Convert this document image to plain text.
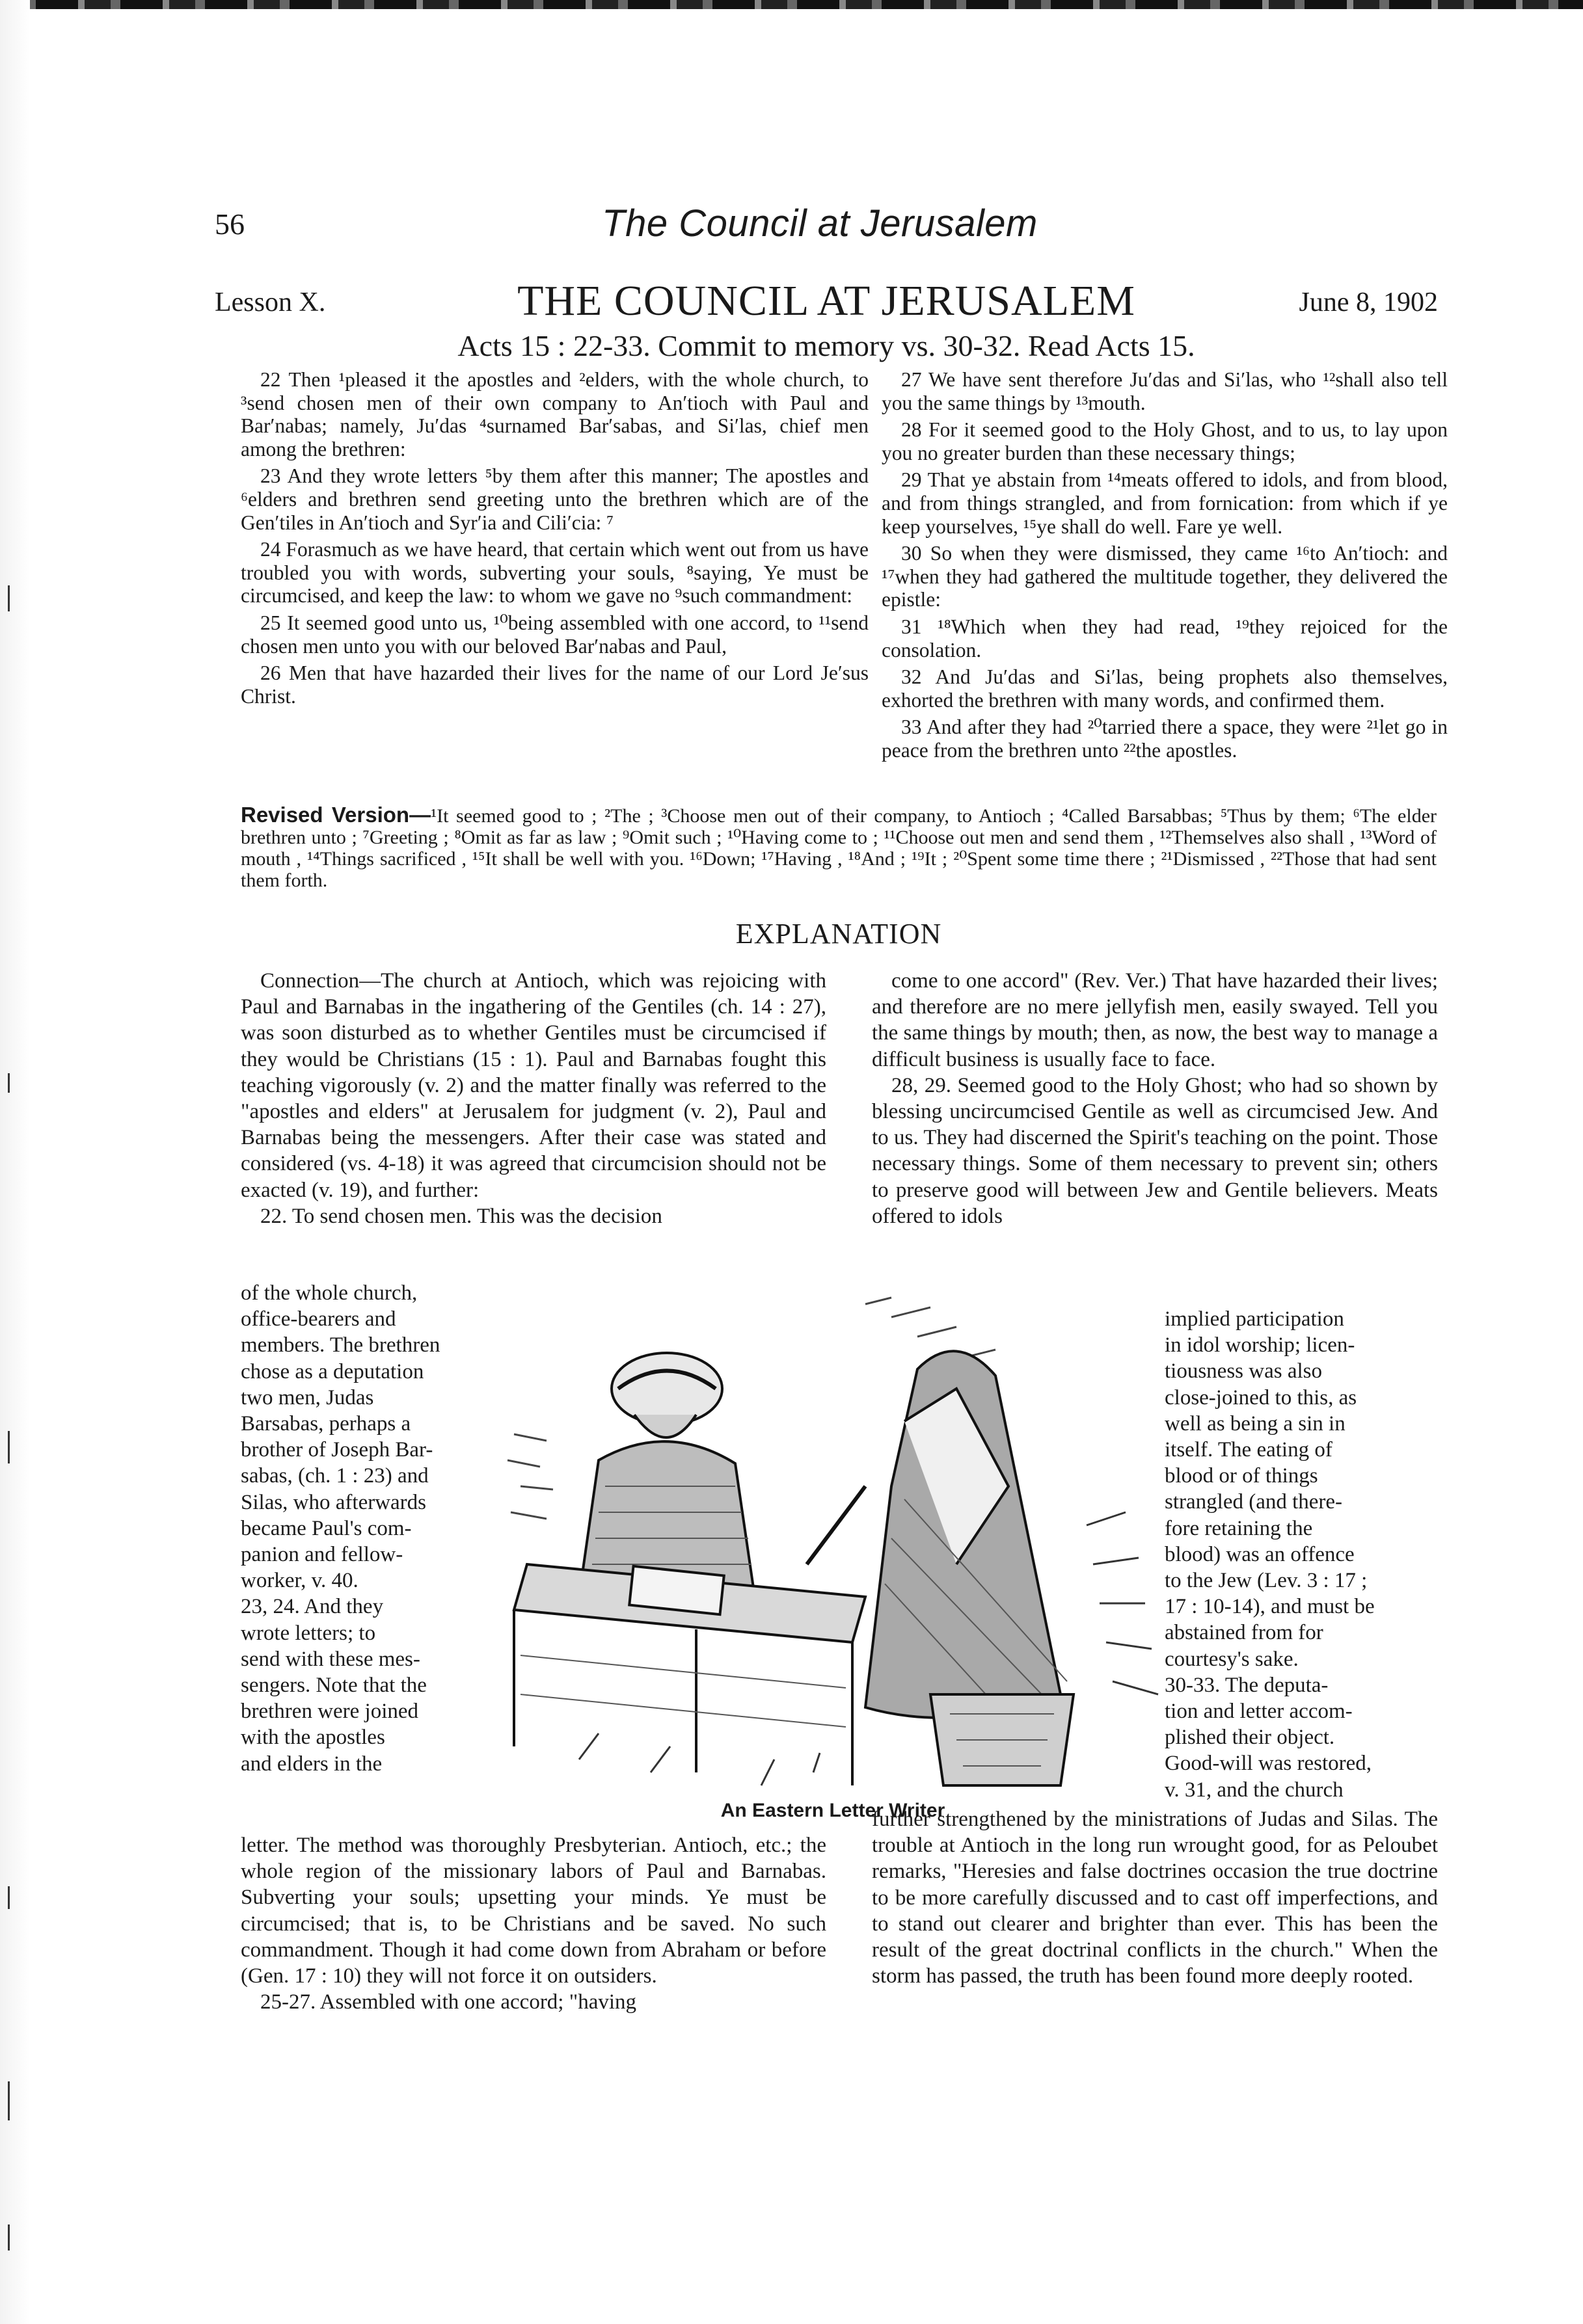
56	The Council at Jerusalem
Lesson X.	THE COUNCIL AT JERUSALEM	June 8, 1902
Acts 15 : 22-33. Commit to memory vs. 30-32. Read Acts 15.

22 Then ¹pleased it the apostles and ²elders, with the whole church, to ³send chosen men of their own company to An′tioch with Paul and Bar′nabas; namely, Ju′das ⁴surnamed Bar′sabas, and Si′las, chief men among the brethren:

23 And they wrote letters ⁵by them after this manner; The apostles and ⁶elders and brethren send greeting unto the brethren which are of the Gen′tiles in An′tioch and Syr′ia and Cili′cia: ⁷

24 Forasmuch as we have heard, that certain which went out from us have troubled you with words, subverting your souls, ⁸saying, Ye must be circumcised, and keep the law: to whom we gave no ⁹such commandment:

25 It seemed good unto us, ¹⁰being assembled with one accord, to ¹¹send chosen men unto you with our beloved Bar′nabas and Paul,

26 Men that have hazarded their lives for the name of our Lord Je′sus Christ.

27 We have sent therefore Ju′das and Si′las, who ¹²shall also tell you the same things by ¹³mouth.

28 For it seemed good to the Holy Ghost, and to us, to lay upon you no greater burden than these necessary things;

29 That ye abstain from ¹⁴meats offered to idols, and from blood, and from things strangled, and from fornication: from which if ye keep yourselves, ¹⁵ye shall do well. Fare ye well.

30 So when they were dismissed, they came ¹⁶to An′tioch: and ¹⁷when they had gathered the multitude together, they delivered the epistle:

31 ¹⁸Which when they had read, ¹⁹they rejoiced for the consolation.

32 And Ju′das and Si′las, being prophets also themselves, exhorted the brethren with many words, and confirmed them.

33 And after they had ²⁰tarried there a space, they were ²¹let go in peace from the brethren unto ²²the apostles.

Revised Version—¹It seemed good to ; ²The ; ³Choose men out of their company, to Antioch ; ⁴Called Barsabbas; ⁵Thus by them; ⁶The elder brethren unto ; ⁷Greeting ; ⁸Omit as far as law ; ⁹Omit such ; ¹⁰Having come to ; ¹¹Choose out men and send them , ¹²Themselves also shall , ¹³Word of mouth , ¹⁴Things sacrificed , ¹⁵It shall be well with you. ¹⁶Down; ¹⁷Having , ¹⁸And ; ¹⁹It ; ²⁰Spent some time there ; ²¹Dismissed , ²²Those that had sent them forth.
EXPLANATION

Connection—The church at Antioch, which was rejoicing with Paul and Barnabas in the ingathering of the Gentiles (ch. 14 : 27), was soon disturbed as to whether Gentiles must be circumcised if they would be Christians (15 : 1). Paul and Barnabas fought this teaching vigorously (v. 2) and the matter finally was referred to the "apostles and elders" at Jerusalem for judgment (v. 2), Paul and Barnabas being the messengers. After their case was stated and considered (vs. 4-18) it was agreed that circumcision should not be exacted (v. 19), and further:

22. To send chosen men. This was the decision

come to one accord" (Rev. Ver.) That have hazarded their lives; and therefore are no mere jellyfish men, easily swayed. Tell you the same things by mouth; then, as now, the best way to manage a difficult business is usually face to face.

28, 29. Seemed good to the Holy Ghost; who had so shown by blessing uncircumcised Gentile as well as circumcised Jew. And to us. They had discerned the Spirit's teaching on the point. Those necessary things. Some of them necessary to prevent sin; others to preserve good will between Jew and Gentile believers. Meats offered to idols

of the whole church,
office-bearers and
members. The brethren
chose as a deputation
two men, Judas
Barsabas, perhaps a
brother of Joseph Bar-
sabas, (ch. 1 : 23) and
Silas, who afterwards
became Paul's com-
panion and fellow-
worker, v. 40.
23, 24. And they
wrote letters; to
send with these mes-
sengers. Note that the
brethren were joined
with the apostles
and elders in the
implied participation
in idol worship; licen-
tiousness was also
close-joined to this, as
well as being a sin in
itself. The eating of
blood or of things
strangled (and there-
fore retaining the
blood) was an offence
to the Jew (Lev. 3 : 17 ;
17 : 10-14), and must be
abstained from for
courtesy's sake.
30-33. The deputa-
tion and letter accom-
plished their object.
Good-will was restored,
v. 31, and the church
An Eastern Letter Writer

letter. The method was thoroughly Presbyterian. Antioch, etc.; the whole region of the missionary labors of Paul and Barnabas. Subverting your souls; upsetting your minds. Ye must be circumcised; that is, to be Christians and be saved. No such commandment. Though it had come down from Abraham or before (Gen. 17 : 10) they will not force it on outsiders.

25-27. Assembled with one accord; "having

further strengthened by the ministrations of Judas and Silas. The trouble at Antioch in the long run wrought good, for as Peloubet remarks, "Heresies and false doctrines occasion the true doctrine to be more carefully discussed and to cast off imperfections, and to stand out clearer and brighter than ever. This has been the result of the great doctrinal conflicts in the church." When the storm has passed, the truth has been found more deeply rooted.
